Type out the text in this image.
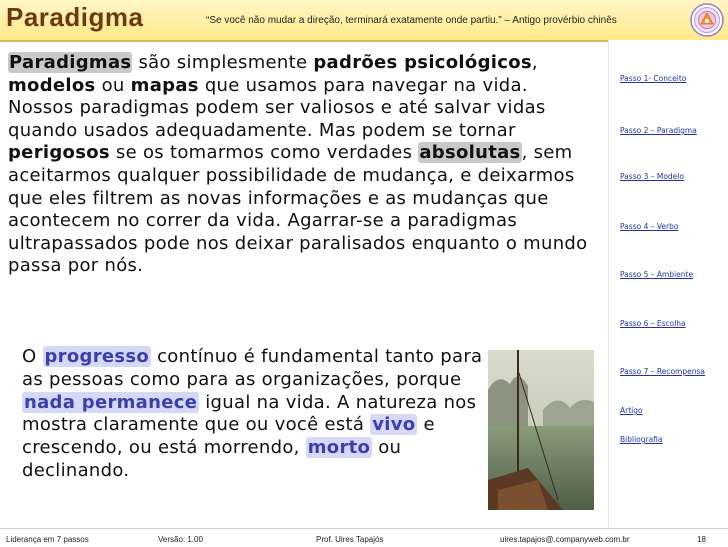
Paradigma	“Se você não mudar a direção, terminará exatamente onde partiu.” – Antigo provérbio chinês

Paradigmas são simplesmente padrões psicológicos, modelos ou mapas que usamos para navegar na vida. Nossos paradigmas podem ser valiosos e até salvar vidas quando usados adequadamente. Mas podem se tornar perigosos se os tomarmos como verdades absolutas, sem aceitarmos qualquer possibilidade de mudança, e deixarmos que eles filtrem as novas informações e as mudanças que acontecem no correr da vida. Agarrar-se a paradigmas ultrapassados pode nos deixar paralisados enquanto o mundo passa por nós.

O progresso contínuo é fundamental tanto para as pessoas como para as organizações, porque nada permanece igual na vida. A natureza nos mostra claramente que ou você está vivo e crescendo, ou está morrendo, morto ou declinando.

Passo 1- Conceito
Passo 2 – Paradigma
Passo 3 – Modelo
Passo 4 – Verbo
Passo 5 – Ambiente
Passo 6 – Escolha
Passo 7 – Recompensa
Artigo
Bibliografia
Liderança em 7 passos	Versão: 1.00	Prof. Uires Tapajós	uires.tapajos@.companyweb.com.br	18
